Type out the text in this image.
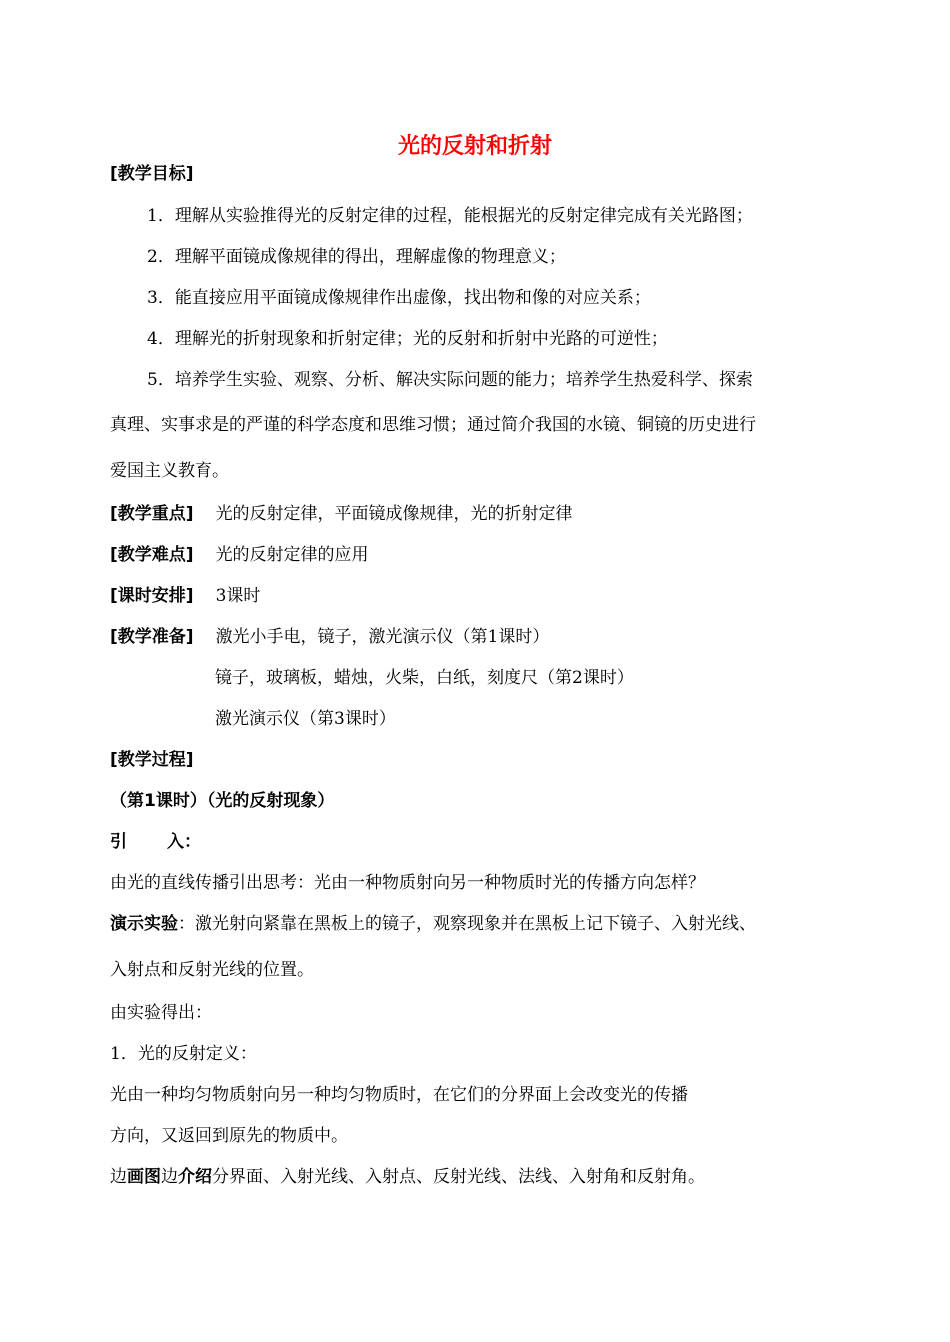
光的反射和折射
[教学目标]
1．理解从实验推得光的反射定律的过程，能根据光的反射定律完成有关光路图；
2．理解平面镜成像规律的得出，理解虚像的物理意义；
3．能直接应用平面镜成像规律作出虚像，找出物和像的对应关系；
4．理解光的折射现象和折射定律；光的反射和折射中光路的可逆性；
5．培养学生实验、观察、分析、解决实际问题的能力；培养学生热爱科学、探索
真理、实事求是的严谨的科学态度和思维习惯；通过简介我国的水镜、铜镜的历史进行
爱国主义教育。
[教学重点] 光的反射定律，平面镜成像规律，光的折射定律
[教学难点] 光的反射定律的应用
[课时安排] 3课时
[教学准备] 激光小手电，镜子，激光演示仪（第1课时）
镜子，玻璃板，蜡烛，火柴，白纸，刻度尺（第2课时）
激光演示仪（第3课时）
[教学过程]
（第1课时）（光的反射现象）
引 入：
由光的直线传播引出思考：光由一种物质射向另一种物质时光的传播方向怎样？
演示实验：激光射向紧靠在黑板上的镜子，观察现象并在黑板上记下镜子、入射光线、
入射点和反射光线的位置。
由实验得出：
1．光的反射定义：
光由一种均匀物质射向另一种均匀物质时，在它们的分界面上会改变光的传播
方向，又返回到原先的物质中。
边画图边介绍分界面、入射光线、入射点、反射光线、法线、入射角和反射角。
